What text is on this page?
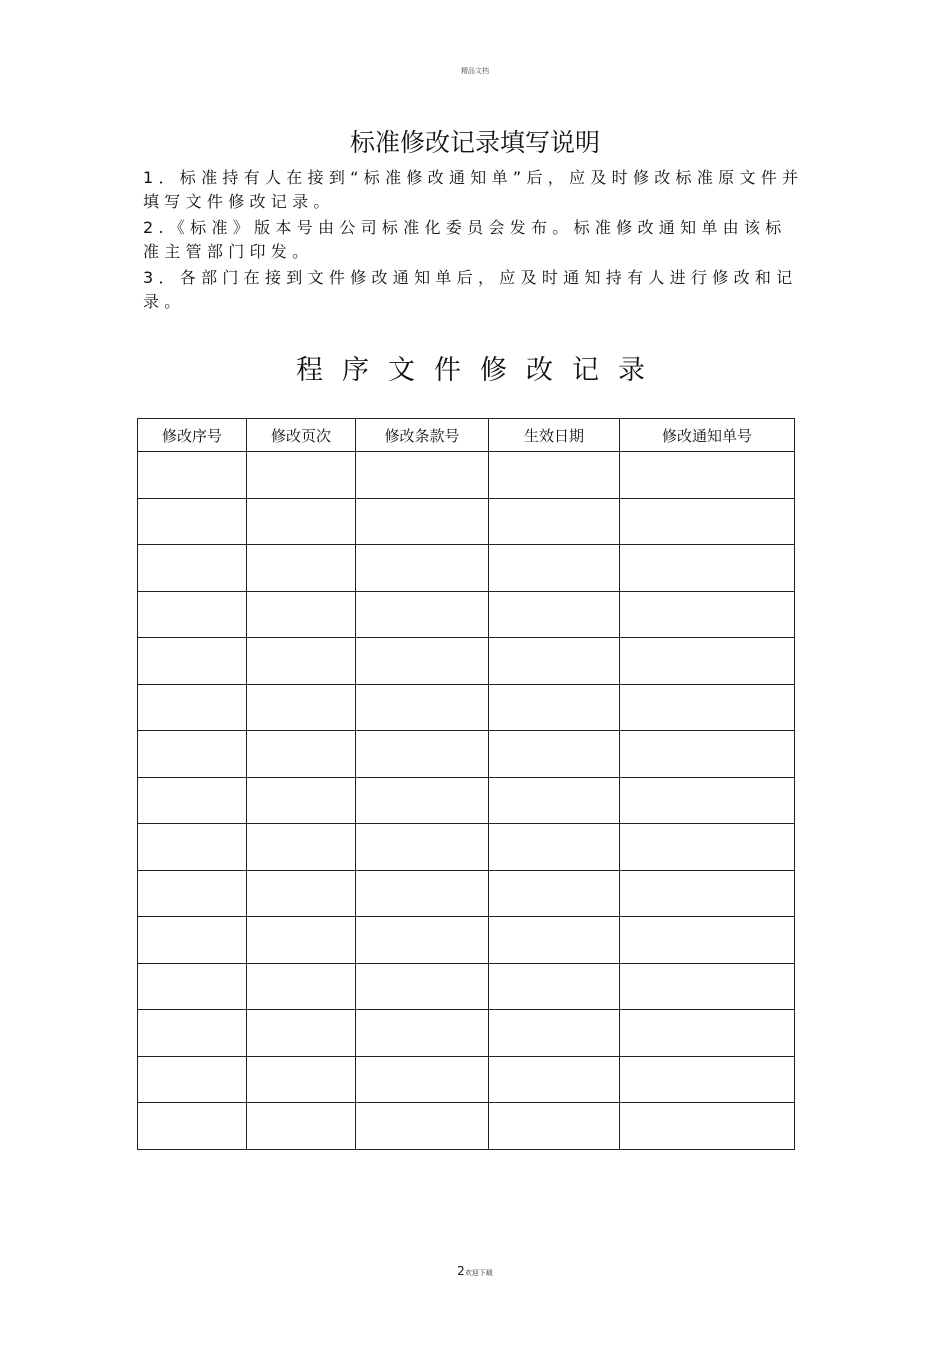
精品文档
标准修改记录填写说明

1．标准持有人在接到“标准修改通知单”后，应及时修改标准原文件并填写文件修改记录。

2.《标准》版本号由公司标准化委员会发布。标准修改通知单由该标准主管部门印发。

3．各部门在接到文件修改通知单后，应及时通知持有人进行修改和记录。

程序文件修改记录
修改序号	修改页次	修改条款号	生效日期	修改通知单号

2欢迎下载
